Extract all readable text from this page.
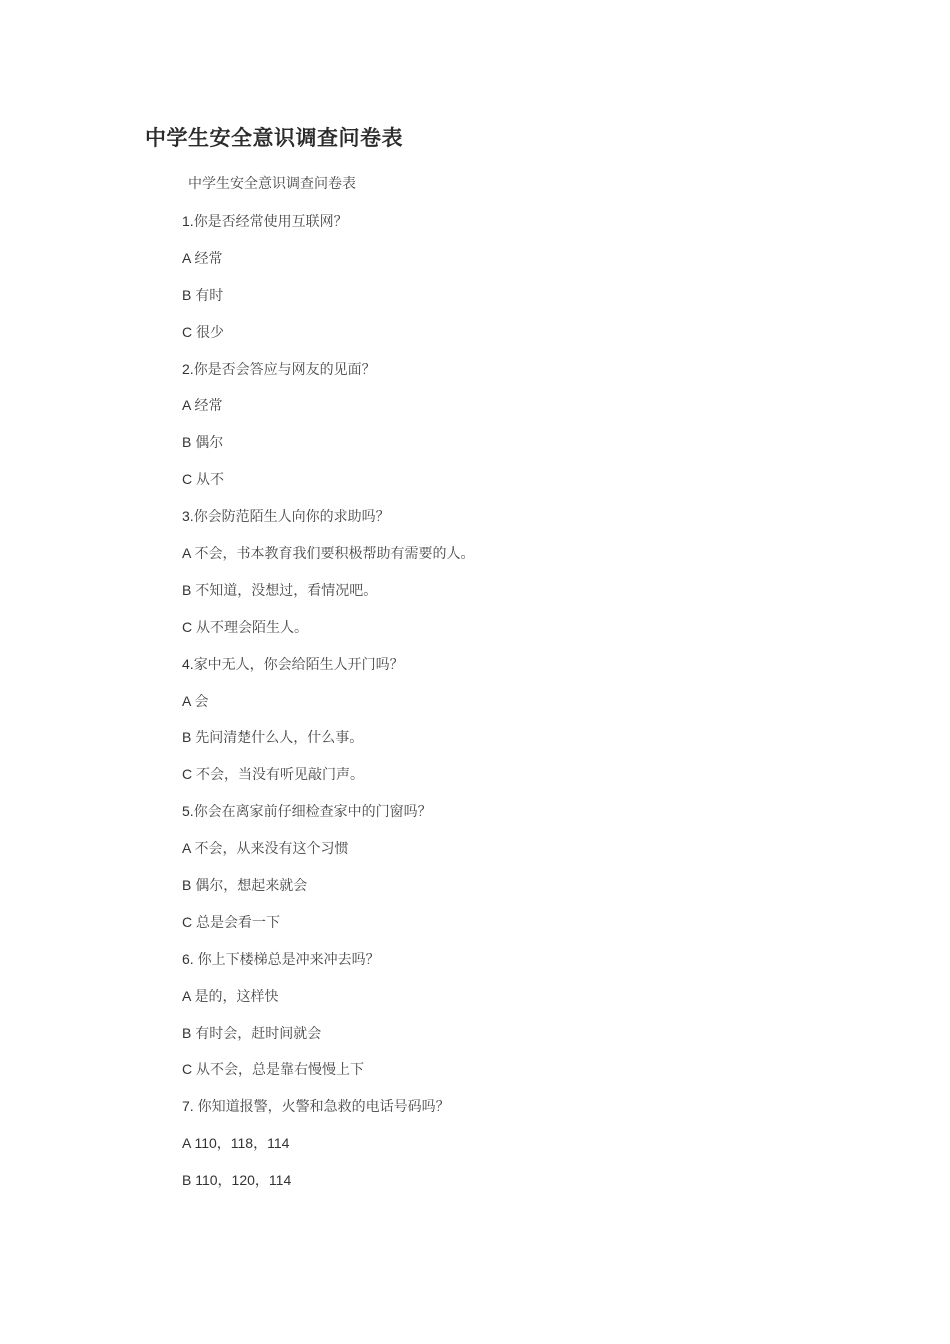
中学生安全意识调查问卷表

中学生安全意识调查问卷表

1.你是否经常使用互联网？

A 经常

B 有时

C 很少

2.你是否会答应与网友的见面？

A 经常

B 偶尔

C 从不

3.你会防范陌生人向你的求助吗？

A 不会，书本教育我们要积极帮助有需要的人。

B 不知道，没想过，看情况吧。

C 从不理会陌生人。

4.家中无人，你会给陌生人开门吗？

A 会

B 先问清楚什么人，什么事。

C 不会，当没有听见敲门声。

5.你会在离家前仔细检查家中的门窗吗？

A 不会，从来没有这个习惯

B 偶尔，想起来就会

C 总是会看一下

6. 你上下楼梯总是冲来冲去吗？

A 是的，这样快

B 有时会，赶时间就会

C 从不会，总是靠右慢慢上下

7. 你知道报警，火警和急救的电话号码吗？

A 110，118，114

B 110，120，114
